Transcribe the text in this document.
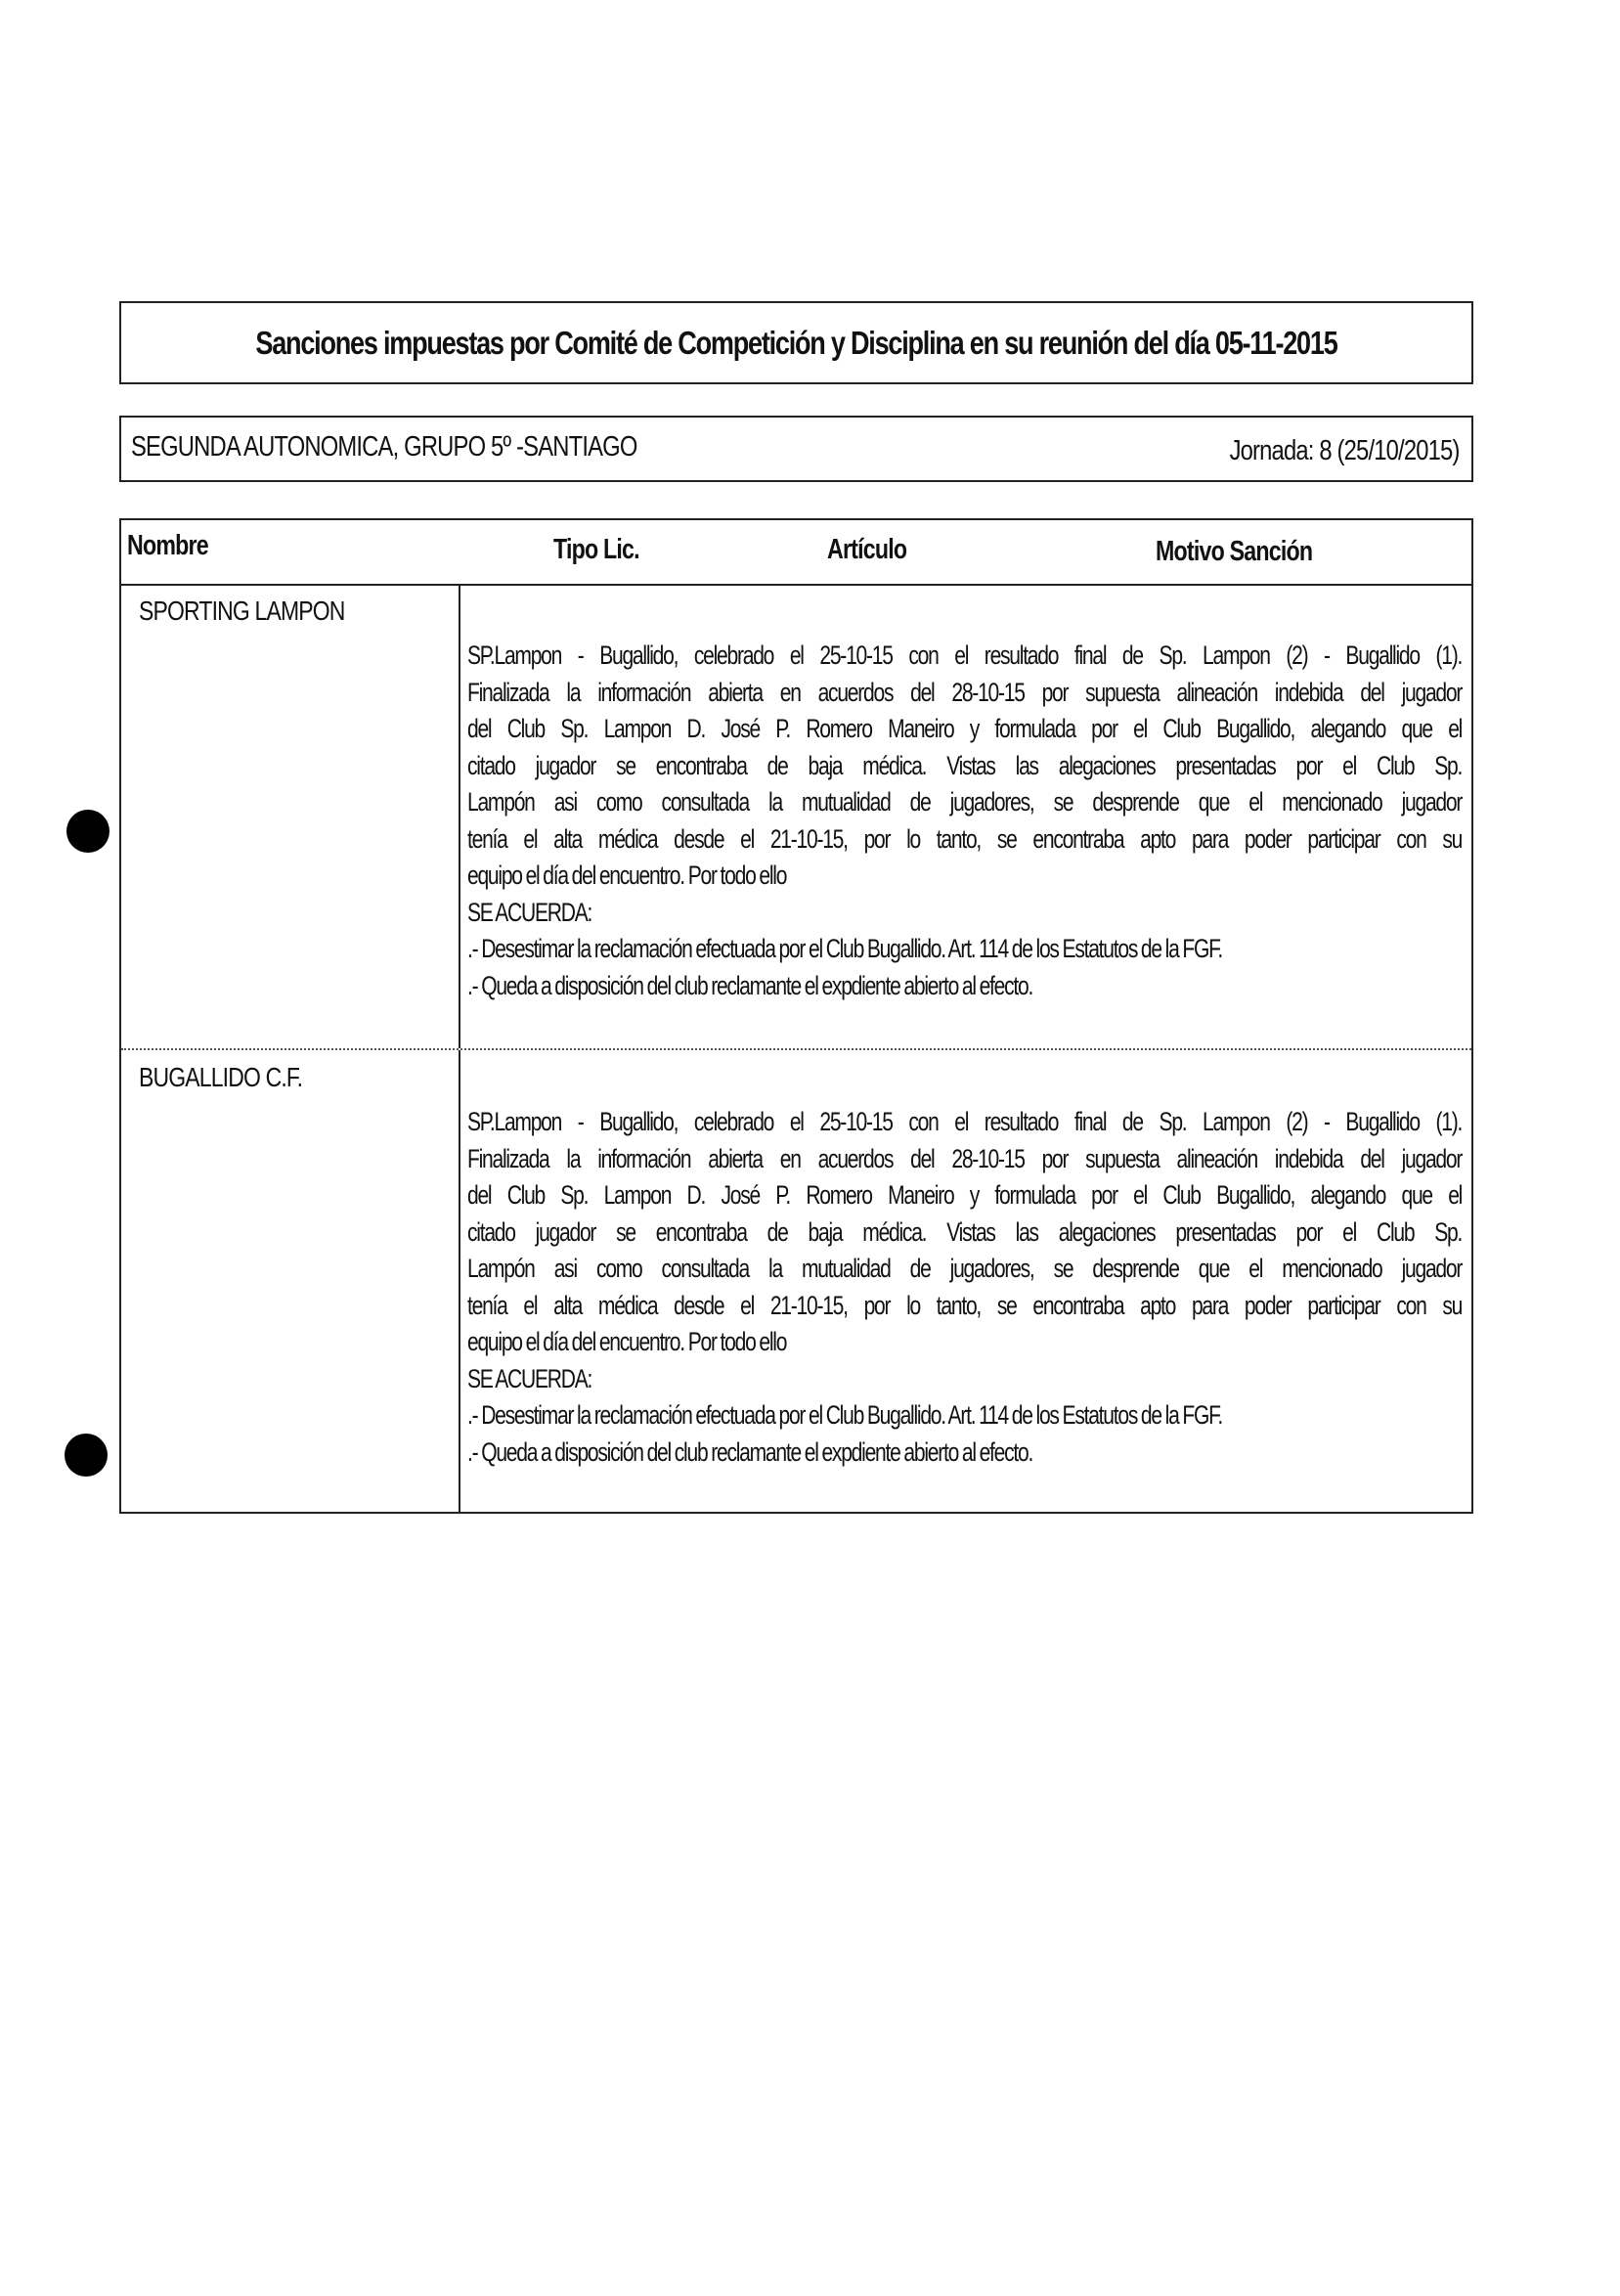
Sanciones impuestas por Comité de Competición y Disciplina en su reunión del día 05-11-2015
SEGUNDA AUTONOMICA, GRUPO 5º -SANTIAGO	Jornada: 8 (25/10/2015)
Nombre	Tipo Lic.	Artículo	Motivo Sanción
SPORTING LAMPON
SP.Lampon - Bugallido, celebrado el 25-10-15 con el resultado final de Sp. Lampon (2) - Bugallido (1).
Finalizada la información abierta en acuerdos del 28-10-15 por supuesta alineación indebida del jugador
del Club Sp. Lampon D. José P. Romero Maneiro y formulada por el Club Bugallido, alegando que el
citado jugador se encontraba de baja médica. Vistas las alegaciones presentadas por el Club Sp.
Lampón asi como consultada la mutualidad de jugadores, se desprende que el mencionado jugador
tenía el alta médica desde el 21-10-15, por lo tanto, se encontraba apto para poder participar con su
equipo el día del encuentro. Por todo ello
SE ACUERDA:
.- Desestimar la reclamación efectuada por el Club Bugallido. Art. 114 de los Estatutos de la FGF.
.- Queda a disposición del club reclamante el expdiente abierto al efecto.
BUGALLIDO C.F.
SP.Lampon - Bugallido, celebrado el 25-10-15 con el resultado final de Sp. Lampon (2) - Bugallido (1).
Finalizada la información abierta en acuerdos del 28-10-15 por supuesta alineación indebida del jugador
del Club Sp. Lampon D. José P. Romero Maneiro y formulada por el Club Bugallido, alegando que el
citado jugador se encontraba de baja médica. Vistas las alegaciones presentadas por el Club Sp.
Lampón asi como consultada la mutualidad de jugadores, se desprende que el mencionado jugador
tenía el alta médica desde el 21-10-15, por lo tanto, se encontraba apto para poder participar con su
equipo el día del encuentro. Por todo ello
SE ACUERDA:
.- Desestimar la reclamación efectuada por el Club Bugallido. Art. 114 de los Estatutos de la FGF.
.- Queda a disposición del club reclamante el expdiente abierto al efecto.
